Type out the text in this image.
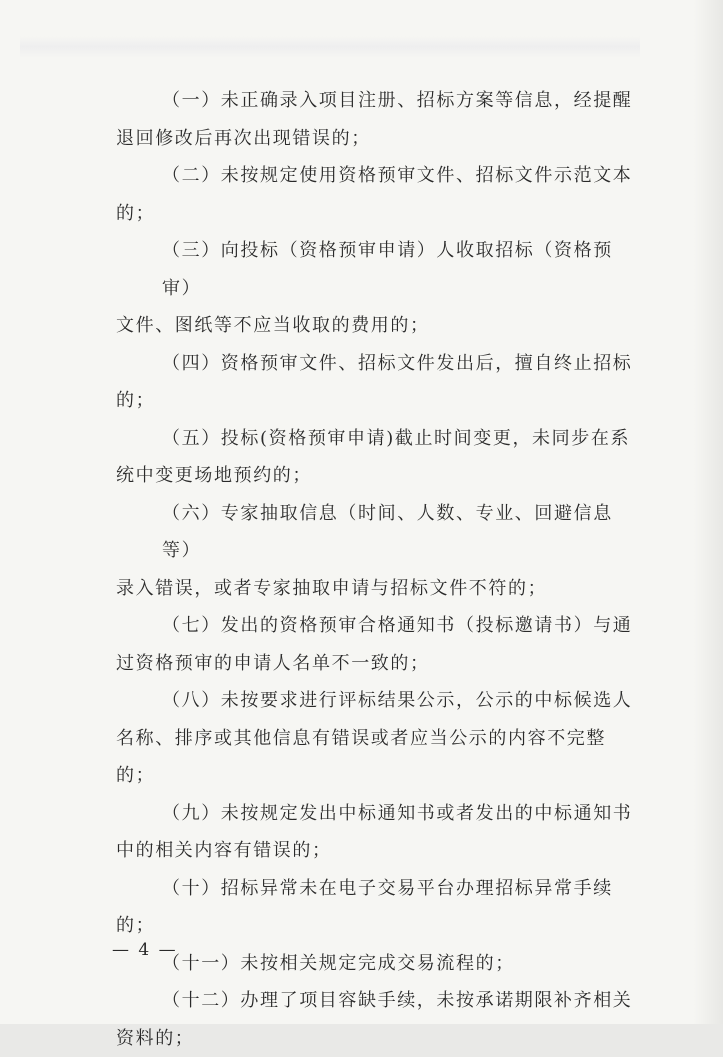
（一）未正确录入项目注册、招标方案等信息，经提醒
退回修改后再次出现错误的；

（二）未按规定使用资格预审文件、招标文件示范文本
的；

（三）向投标（资格预审申请）人收取招标（资格预审）
文件、图纸等不应当收取的费用的；

（四）资格预审文件、招标文件发出后，擅自终止招标
的；

（五）投标(资格预审申请)截止时间变更，未同步在系
统中变更场地预约的；

（六）专家抽取信息（时间、人数、专业、回避信息等）
录入错误，或者专家抽取申请与招标文件不符的；

（七）发出的资格预审合格通知书（投标邀请书）与通
过资格预审的申请人名单不一致的；

（八）未按要求进行评标结果公示，公示的中标候选人
名称、排序或其他信息有错误或者应当公示的内容不完整的；

（九）未按规定发出中标通知书或者发出的中标通知书
中的相关内容有错误的；

（十）招标异常未在电子交易平台办理招标异常手续
的；

（十一）未按相关规定完成交易流程的；

（十二）办理了项目容缺手续，未按承诺期限补齐相关
资料的；

— 4 —
